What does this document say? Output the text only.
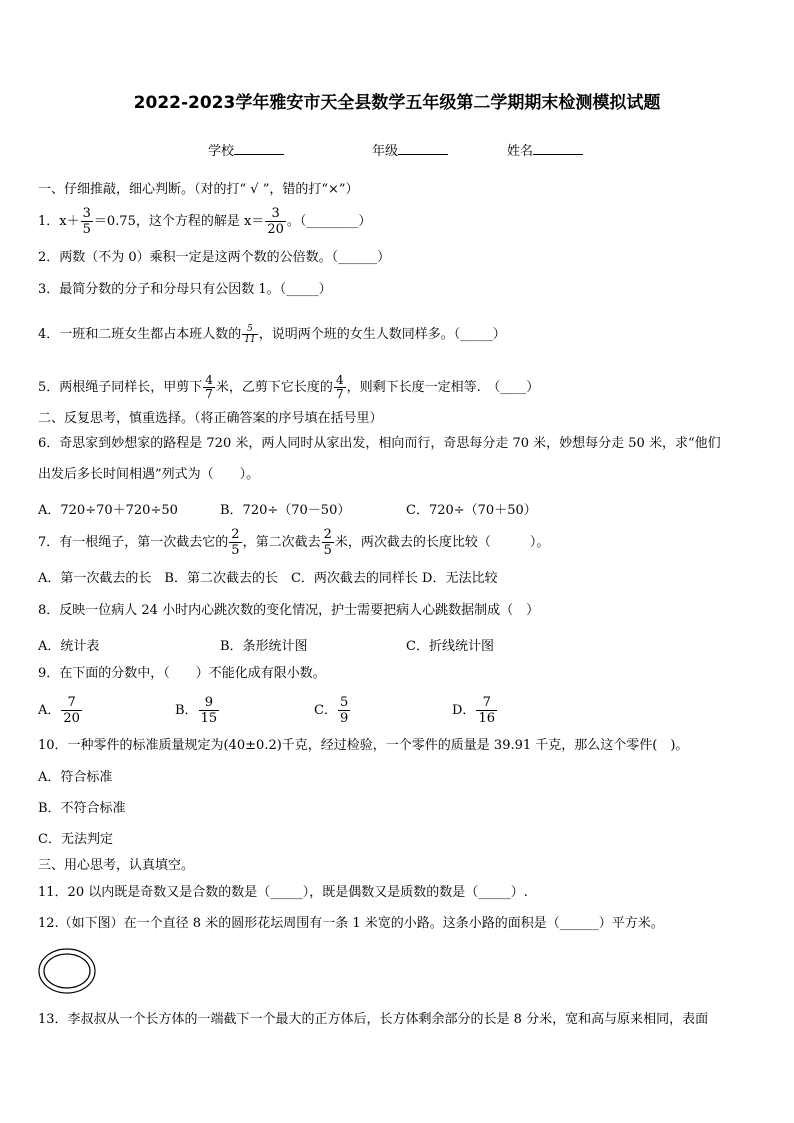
2022-2023学年雅安市天全县数学五年级第二学期期末检测模拟试题
学校	年级	姓名
一、仔细推敲，细心判断。（对的打“ √ ”，错的打“×”）
1．$x+ \frac{3}{5} =0.75$，这个方程的解是 $x= \frac{3}{20}$ 。（________）
2．两数（不为 0）乘积一定是这两个数的公倍数。（______）
3．最简分数的分子和分母只有公因数 1。（_____）
4．一班和二班女生都占本班人数的 $\frac{5}{11}$ ，说明两个班的女生人数同样多。（_____）
5．两根绳子同样长，甲剪下 $\frac{4}{7}$ 米，乙剪下它长度的 $\frac{4}{7}$ ，则剩下长度一定相等.　（____）
二、反复思考，慎重选择。（将正确答案的序号填在括号里）
6．奇思家到妙想家的路程是 720 米，两人同时从家出发，相向而行，奇思每分走 70 米，妙想每分走 50 米，求“他们
出发后多长时间相遇”列式为（　　）。
A．720÷70＋720÷50	B．720÷（70－50）	C．720÷（70＋50）
7．有一根绳子，第一次截去它的 $\frac{2}{5}$ ，第二次截去 $\frac{2}{5}$ 米，两次截去的长度比较（　　　）。
A．第一次截去的长　B．第二次截去的长　C．两次截去的同样长 D．无法比较
8．反映一位病人 24 小时内心跳次数的变化情况，护士需要把病人心跳数据制成（　）
A．统计表	B．条形统计图	C．折线统计图
9．在下面的分数中，（　　）不能化成有限小数。
A． $\frac{7}{20}$	B． $\frac{9}{15}$	C． $\frac{5}{9}$	D． $\frac{7}{16}$
10．一种零件的标准质量规定为(40±0.2)千克，经过检验，一个零件的质量是 39.91 千克，那么这个零件(　)。
A．符合标准
B．不符合标准
C．无法判定
三、用心思考，认真填空。
11．20 以内既是奇数又是合数的数是（_____），既是偶数又是质数的数是（_____）.
12.（如下图）在一个直径 8 米的圆形花坛周围有一条 1 米宽的小路。这条小路的面积是（______）平方米。
13．李叔叔从一个长方体的一端截下一个最大的正方体后，长方体剩余部分的长是 8 分米，宽和高与原来相同，表面
